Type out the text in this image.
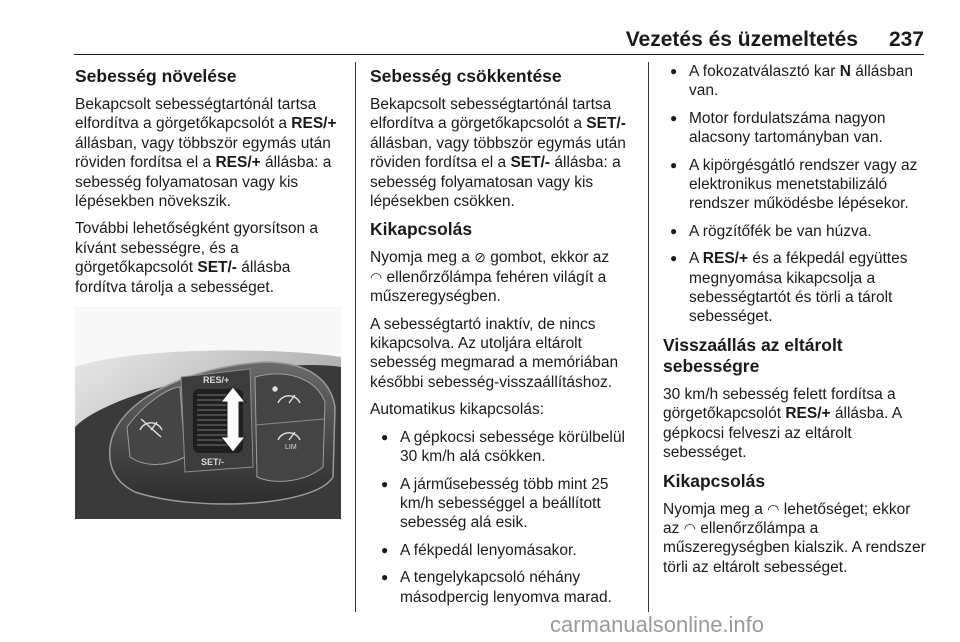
Vezetés és üzemeltetés 237
Sebesség növelése

Bekapcsolt sebességtartónál tartsa elfordítva a görgetőkapcsolót a RES/+ állásban, vagy többször egymás után röviden fordítsa el a RES/+ állásba: a sebesség folyamatosan vagy kis lépésekben növekszik.

További lehetőségként gyorsítson a kívánt sebességre, és a görgetőkapcsolót SET/- állásba fordítva tárolja a sebességet.

RES/+
SET/-
LIM
Sebesség csökkentése

Bekapcsolt sebességtartónál tartsa elfordítva a görgetőkapcsolót a SET/- állásban, vagy többször egymás után röviden fordítsa el a SET/- állásba: a sebesség folyamatosan vagy kis lépésekben csökken.

Kikapcsolás

Nyomja meg a ⊘ gombot, ekkor az
◠ ellenőrzőlámpa fehéren világít a műszeregységben.

A sebességtartó inaktív, de nincs kikapcsolva. Az utoljára eltárolt sebesség megmarad a memóriában későbbi sebesség-visszaállításhoz.

Automatikus kikapcsolás:

● A gépkocsi sebessége körülbelül 30 km/h alá csökken.
● A járműsebesség több mint 25 km/h sebességgel a beállított sebesség alá esik.
● A fékpedál lenyomásakor.
● A tengelykapcsoló néhány másodpercig lenyomva marad.
● A fokozatválasztó kar N állásban van.
● Motor fordulatszáma nagyon alacsony tartományban van.
● A kipörgésgátló rendszer vagy az elektronikus menetstabilizáló rendszer működésbe lépésekor.
● A rögzítőfék be van húzva.
● A RES/+ és a fékpedál együttes megnyomása kikapcsolja a sebességtartót és törli a tárolt sebességet.
Visszaállás az eltárolt sebességre

30 km/h sebesség felett fordítsa a görgetőkapcsolót RES/+ állásba. A gépkocsi felveszi az eltárolt sebességet.

Kikapcsolás

Nyomja meg a ◠ lehetőséget; ekkor az ◠ ellenőrzőlámpa a műszeregységben kialszik. A rendszer törli az eltárolt sebességet.

carmanualsonline.info
